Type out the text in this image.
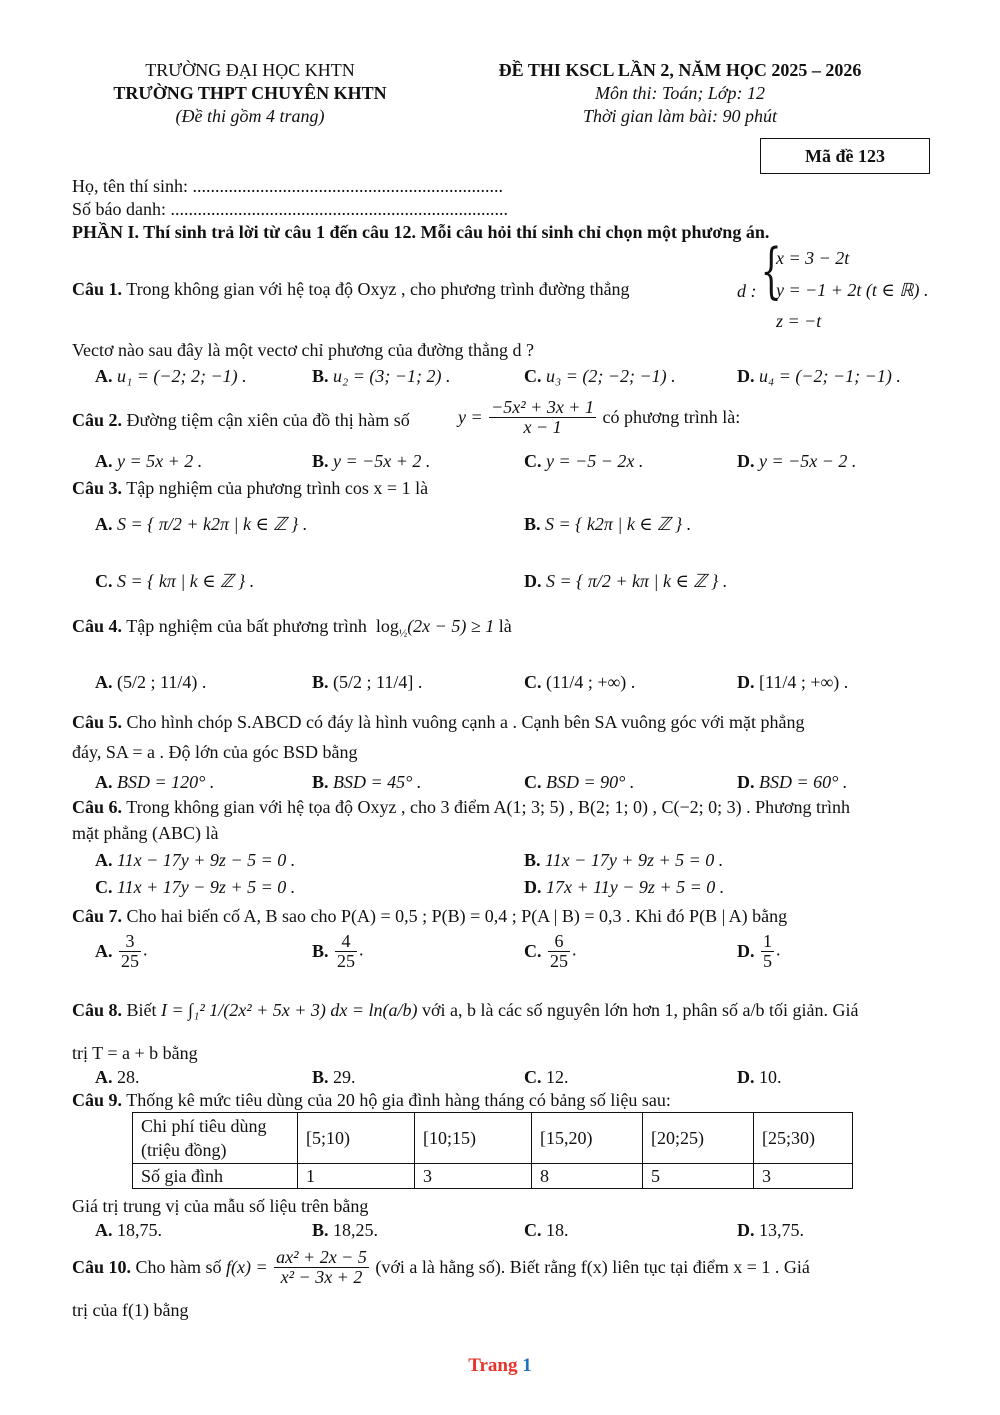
TRƯỜNG ĐẠI HỌC KHTN
TRƯỜNG THPT CHUYÊN KHTN
(Đề thi gồm 4 trang)
ĐỀ THI KSCL LẦN 2, NĂM HỌC 2025 – 2026
Môn thi: Toán; Lớp: 12
Thời gian làm bài: 90 phút
Mã đề 123
Họ, tên thí sinh: .....................................................................
Số báo danh: ...........................................................................
PHẦN I. Thí sinh trả lời từ câu 1 đến câu 12. Mỗi câu hỏi thí sinh chỉ chọn một phương án.
Câu 1. Trong không gian với hệ toạ độ Oxyz , cho phương trình đường thẳng	d : {
x = 3 − 2t
y = −1 + 2t (t ∈ ℝ) .
z = −t
Vectơ nào sau đây là một vectơ chỉ phương của đường thẳng d ?
A. u₁ = (−2; 2; −1) .	B. u₂ = (3; −1; 2) .	C. u₃ = (2; −2; −1) .	D. u₄ = (−2; −1; −1) .
Câu 2. Đường tiệm cận xiên của đồ thị hàm số	$y = \frac{\text{−5x² + 3x + 1}}{x - 1}$ có phương trình là:
A. y = 5x + 2 .	B. y = −5x + 2 .	C. y = −5 − 2x .	D. y = −5x − 2 .
Câu 3. Tập nghiệm của phương trình cos x = 1 là
A. S = { π/2 + k2π | k ∈ ℤ } .	B. S = { k2π | k ∈ ℤ } .
C. S = { kπ | k ∈ ℤ } .	D. S = { π/2 + kπ | k ∈ ℤ } .
Câu 4. Tập nghiệm của bất phương trình  $\log_{\frac{1}{2}}(2x - 5) \ge 1$ là
A. (5/2 ; 11/4) .	B. (5/2 ; 11/4] .	C. (11/4 ; +∞) .	D. [11/4 ; +∞) .
Câu 5. Cho hình chóp S.ABCD có đáy là hình vuông cạnh a . Cạnh bên SA vuông góc với mặt phẳng
đáy, SA = a . Độ lớn của góc BSD bằng
A. BSD = 120° .	B. BSD = 45° .	C. BSD = 90° .	D. BSD = 60° .
Câu 6. Trong không gian với hệ tọa độ Oxyz , cho 3 điểm A(1; 3; 5) , B(2; 1; 0) , C(−2; 0; 3) . Phương trình
mặt phẳng (ABC) là
A. 11x − 17y + 9z − 5 = 0 .	B. 11x − 17y + 9z + 5 = 0 .
C. 11x + 17y − 9z + 5 = 0 .	D. 17x + 11y − 9z + 5 = 0 .
Câu 7. Cho hai biến cố A, B sao cho P(A) = 0,5 ; P(B) = 0,4 ; P(A | B) = 0,3 . Khi đó P(B | A) bằng
A. $\frac{3}{25}$ .	B. $\frac{4}{25}$ .	C. $\frac{6}{25}$ .	D. $\frac{1}{5}$ .
Câu 8. Biết I = ∫₁² 1/(2x² + 5x + 3) dx = ln(a/b) với a, b là các số nguyên lớn hơn 1, phân số a/b tối giản. Giá
trị T = a + b bằng
A. 28.	B. 29.	C. 12.	D. 10.
Câu 9. Thống kê mức tiêu dùng của 20 hộ gia đình hàng tháng có bảng số liệu sau:
Chi phí tiêu dùng (triệu đồng)	[5;10)	[10;15)	[15,20)	[20;25)	[25;30)
Số gia đình	1	3	8	5	3
Giá trị trung vị của mẫu số liệu trên bằng
A. 18,75.	B. 18,25.	C. 18.	D. 13,75.
Câu 10. Cho hàm số $f(x) = \frac{\text{ax² + 2x − 5}}{\text{x² − 3x + 2}}$ (với a là hằng số). Biết rằng f(x) liên tục tại điểm x = 1 . Giá
trị của f(1) bằng
Trang 1
